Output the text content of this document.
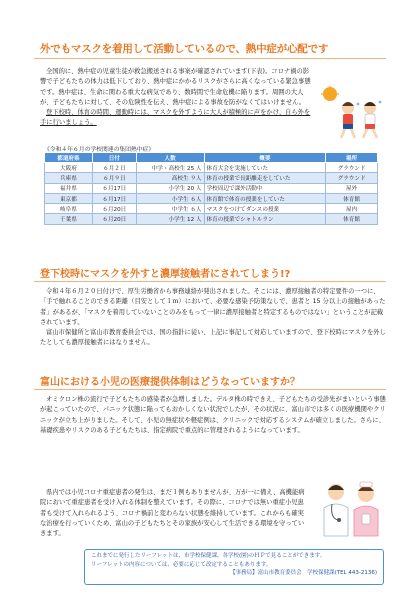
外でもマスクを着用して活動しているので、熱中症が心配です

全国的に、熱中症の児童生徒が救急搬送される事案が確認されています(下表)。コロナ禍の影響で子どもたちの体力は低下しており、熱中症にかかるリスクがさらに高くなっている緊急事態です。熱中症は、生命に関わる重大な病気であり、数時間で生命危機に陥ります。周囲の大人が、子どもたちに対して、その危険性を伝え、熱中症による事故を防がなくてはいけません。

登下校時、体育の時間、運動時には、マスクを外すように大人が積極的に声をかけ、自ら外を手に行いましょう。

《令和４年６月の学校関連の集団熱中症》
都道府県	日付	人数	概要	場所
大阪府	６月２日	中学・高校生 25 人	体育大会を実施していた	グラウンド
兵庫県	６月９日	高校生 ９人	体育の授業で長距離走をしていた	グラウンド
福井県	６月17日	小学生 20 人	学校周辺で課外活動中	屋外
東京都	６月17日	小学生 ６人	体育館で体育の授業をしていた	体育館
岐阜県	６月20日	中学生 ６人	マスクをつけてダンスの授業	屋内
千葉県	６月20日	小学生 12 人	体育の授業でシャトルラン	体育館
登下校時にマスクを外すと濃厚接触者にされてしまう!?

令和４年６月２０日付けで、厚生労働省から事務連絡が発出されました。そこには、濃厚接触者の特定要件の一つに、「手で触れることのできる距離（目安として１ｍ）において、必要な感染予防策なしで、患者と 15 分以上の接触があった者」があるが、「マスクを着用していないことのみをもって一律に濃厚接触者と特定するものではない」ということが記載されています。

富山市保健所と富山市教育委員会では、国の指針に従い、上記に事記して対応していますので、登下校時にマスクを外したとしても濃厚接触者にはなりません。

富山における小児の医療提供体制はどうなっていますか？

オミクロン株の流行で子どもたちの感染者が急増しました。デルタ株の時できえ、子どもたちの受診先がまいという事態が起こっていたので、パニック状態に陥ってもおかしくない状況でしたが、その状況に、富山市では多くの医療機関やクリニックが立ち上がりました。そして、小児の無症状や軽症例は、クリニックで対応するシステムが確立しました。さらに、基礎疾患やリスクのある子どもたちは、指定病院で重点的に管理されるようになっています。

県内では小児コロナ重症患者の発生は、まだ１例もありませんが、万が一に備え、高機能病院において重症患者を受け入れる体制を整えています。その際に、コロナでは無い重症小児患者も受けて入れられるよう、コロナ禍前と変わらない状態を維持しています。これからも確実な治療を行っていくため、富山の子どもたちとその家族が安心して生活できる環境を守っていきます。

これまでに発行したリーフレットは、市学校保健課、各学校(園)のＨＰで見ることができます。
リーフレットの内容については、必要に応じて改定することもあります。
【事務局】富山市教育委員会　学校保健課(TEL 443-2136)
